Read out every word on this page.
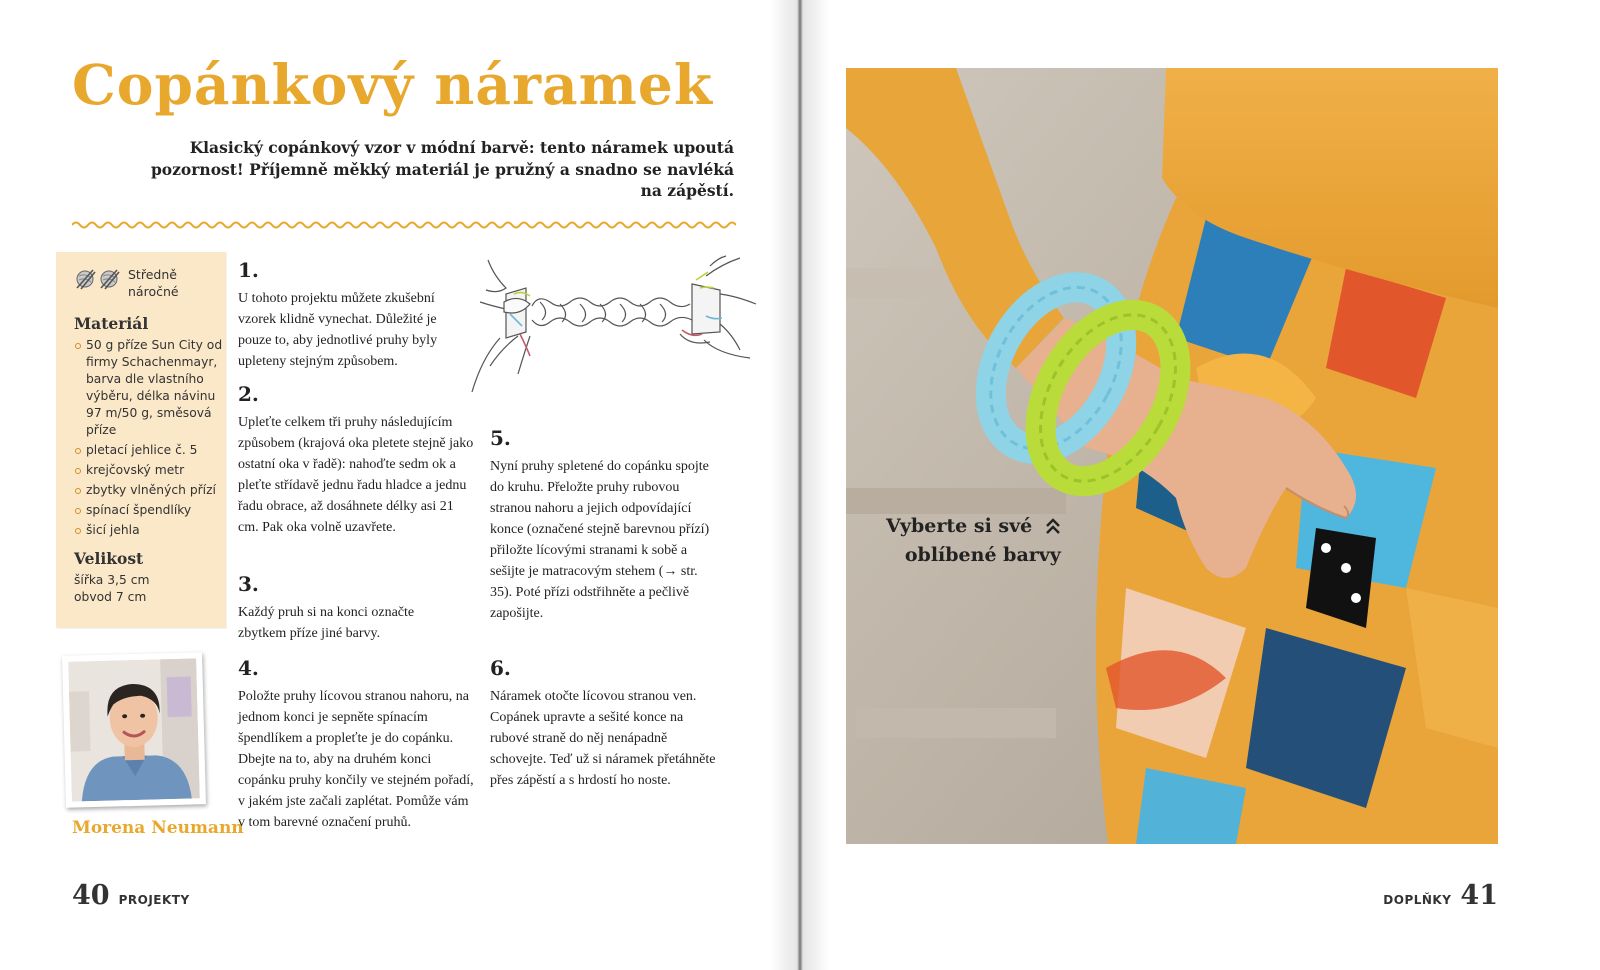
Copánkový náramek
Klasický copánkový vzor v módní barvě: tento náramek upoutá pozornost! Příjemně měkký materiál je pružný a snadno se navléká na zápěstí.
Středně náročné
Materiál
50 g příze Sun City od firmy Schachenmayr, barva dle vlastního výběru, délka návinu 97 m/50 g, směsová příze
pletací jehlice č. 5
krejčovský metr
zbytky vlněných přízí
spínací špendlíky
šicí jehla
Velikost
šířka 3,5 cm
obvod 7 cm
Morena Neumann
1.
U tohoto projektu můžete zkušební vzorek klidně vynechat. Důležité je pouze to, aby jednotlivé pruhy byly upleteny stejným způsobem.
2.
Upleťte celkem tři pruhy následujícím způsobem (krajová oka pletete stejně jako ostatní oka v řadě): nahoďte sedm ok a pleťte střídavě jednu řadu hladce a jednu řadu obrace, až dosáhnete délky asi 21 cm. Pak oka volně uzavřete.
3.
Každý pruh si na konci označte zbytkem příze jiné barvy.
4.
Položte pruhy lícovou stranou nahoru, na jednom konci je sepněte spínacím špendlíkem a propleťte je do copánku. Dbejte na to, aby na druhém konci copánku pruhy končily ve stejném pořadí, v jakém jste začali zaplétat. Pomůže vám v tom barevné označení pruhů.
5.
Nyní pruhy spletené do copánku spojte do kruhu. Přeložte pruhy rubovou stranou nahoru a jejich odpovídající konce (označené stejně barevnou přízí) přiložte lícovými stranami k sobě a sešijte je matracovým stehem (→ str. 35). Poté přízi odstřihněte a pečlivě zapošijte.
6.
Náramek otočte lícovou stranou ven. Copánek upravte a sešité konce na rubové straně do něj nenápadně schovejte. Teď už si náramek přetáhněte přes zápěstí a s hrdostí ho noste.
40 PROJEKTY	DOPLŇKY 41
Vyberte si své
oblíbené barvy
